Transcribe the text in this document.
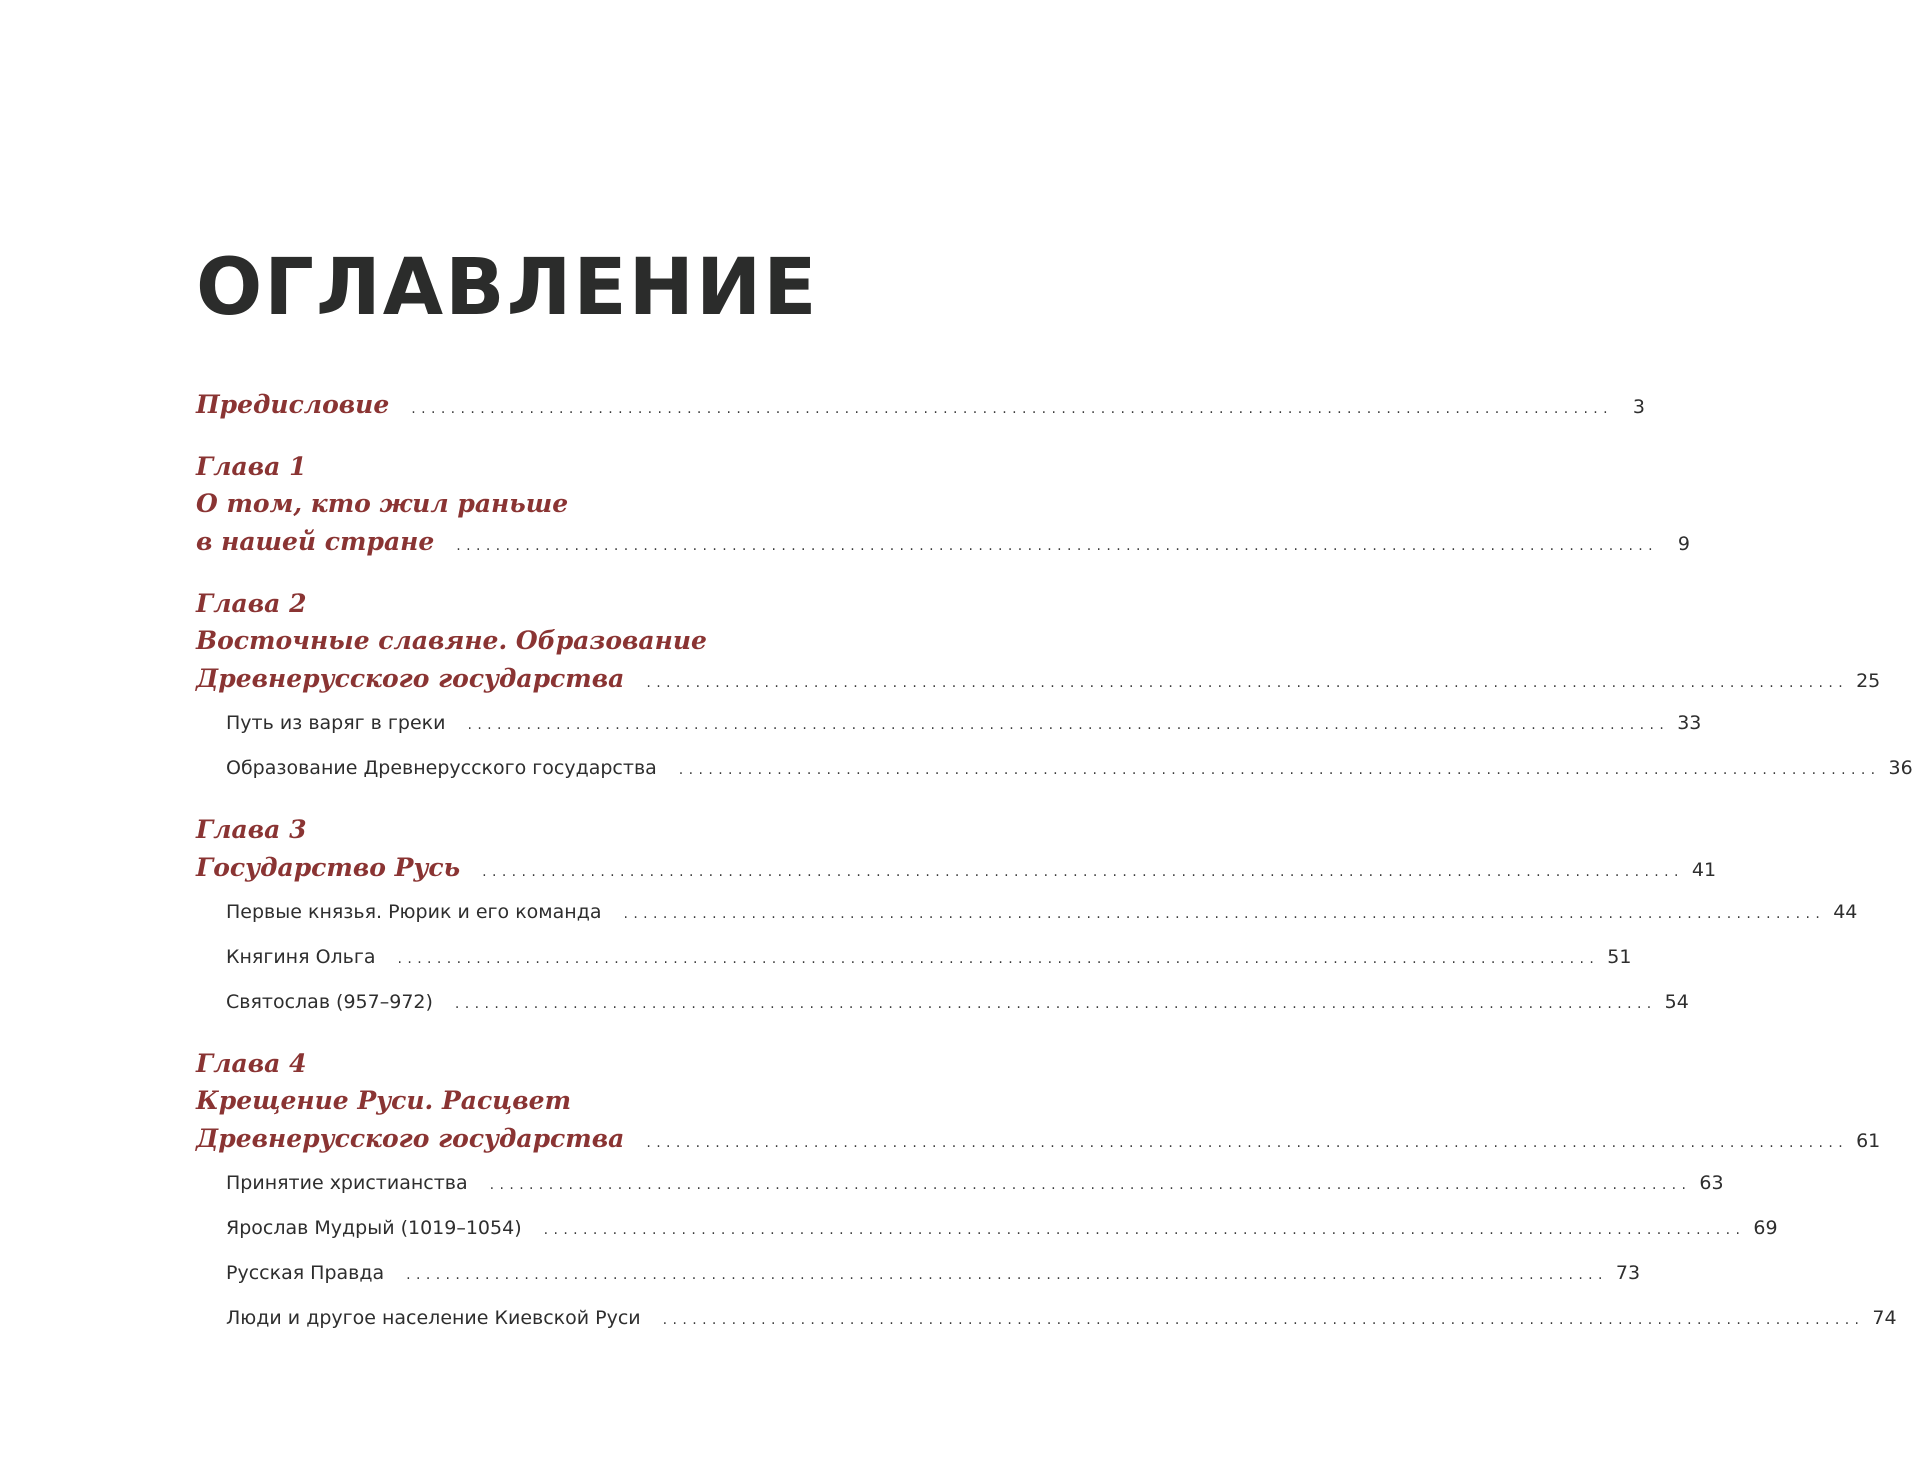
ОГЛАВЛЕНИЕ
Предисловие ..........................................................................................................................	3
Глава 1
О том, кто жил раньше
в нашей стране ..........................................................................................................................	9
Глава 2
Восточные славяне. Образование
Древнерусского государства .......................................................................................................................... 25
Путь из варяг в греки .......................................................................................................................... 33
Образование Древнерусского государства .......................................................................................................................... 36
Глава 3
Государство Русь .......................................................................................................................... 41
Первые князья. Рюрик и его команда .......................................................................................................................... 44
Княгиня Ольга .......................................................................................................................... 51
Святослав (957–972) .......................................................................................................................... 54
Глава 4
Крещение Руси. Расцвет
Древнерусского государства .......................................................................................................................... 61
Принятие христианства .......................................................................................................................... 63
Ярослав Мудрый (1019–1054) .......................................................................................................................... 69
Русская Правда .......................................................................................................................... 73
Люди и другое население Киевской Руси .......................................................................................................................... 74
